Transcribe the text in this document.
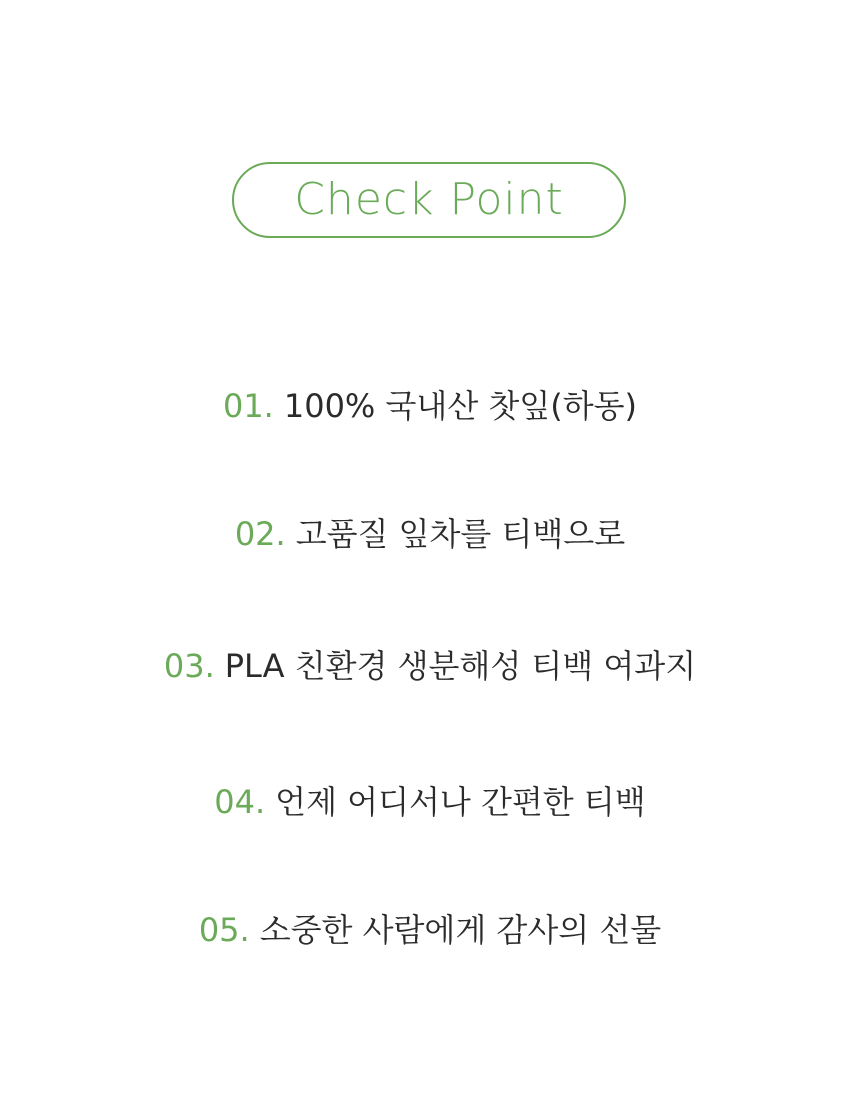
Check Point
01. 100% 국내산 찻잎(하동)
02. 고품질 잎차를 티백으로
03. PLA 친환경 생분해성 티백 여과지
04. 언제 어디서나 간편한 티백
05. 소중한 사람에게 감사의 선물
